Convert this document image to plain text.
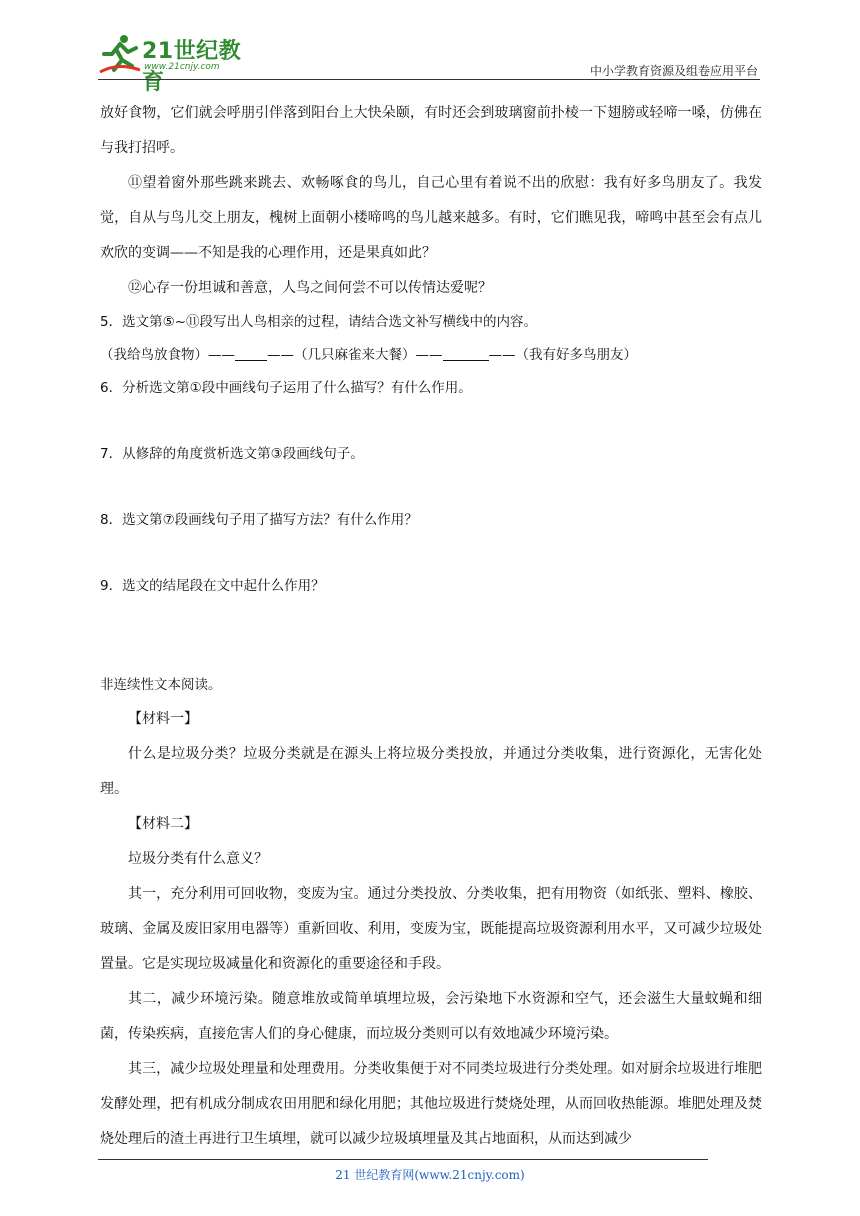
21世纪教育
www.21cnjy.com	中小学教育资源及组卷应用平台

放好食物，它们就会呼朋引伴落到阳台上大快朵颐，有时还会到玻璃窗前扑棱一下翅膀或轻啼一嗓，仿佛在与我打招呼。

⑪望着窗外那些跳来跳去、欢畅啄食的鸟儿，自己心里有着说不出的欣慰：我有好多鸟朋友了。我发觉，自从与鸟儿交上朋友，槐树上面朝小楼啼鸣的鸟儿越来越多。有时，它们瞧见我，啼鸣中甚至会有点儿欢欣的变调——不知是我的心理作用，还是果真如此？

⑫心存一份坦诚和善意，人鸟之间何尝不可以传情达爱呢？

5．选文第⑤~⑪段写出人鸟相亲的过程，请结合选文补写横线中的内容。

（我给鸟放食物）—— ——（几只麻雀来大餐）——	——（我有好多鸟朋友）

6．分析选文第①段中画线句子运用了什么描写？有什么作用。

7．从修辞的角度赏析选文第③段画线句子。

8．选文第⑦段画线句子用了描写方法？有什么作用？

9．选文的结尾段在文中起什么作用？

非连续性文本阅读。

【材料一】

什么是垃圾分类？垃圾分类就是在源头上将垃圾分类投放，并通过分类收集，进行资源化，无害化处理。

【材料二】

垃圾分类有什么意义？

其一，充分利用可回收物，变废为宝。通过分类投放、分类收集，把有用物资（如纸张、塑料、橡胶、玻璃、金属及废旧家用电器等）重新回收、利用，变废为宝，既能提高垃圾资源利用水平，又可减少垃圾处置量。它是实现垃圾减量化和资源化的重要途径和手段。

其二，减少环境污染。随意堆放或简单填埋垃圾，会污染地下水资源和空气，还会滋生大量蚊蝇和细菌，传染疾病，直接危害人们的身心健康，而垃圾分类则可以有效地减少环境污染。

其三，减少垃圾处理量和处理费用。分类收集便于对不同类垃圾进行分类处理。如对厨余垃圾进行堆肥发酵处理，把有机成分制成农田用肥和绿化用肥；其他垃圾进行焚烧处理，从而回收热能源。堆肥处理及焚烧处理后的渣土再进行卫生填埋，就可以减少垃圾填埋量及其占地面积，从而达到减少

21 世纪教育网(www.21cnjy.com)
